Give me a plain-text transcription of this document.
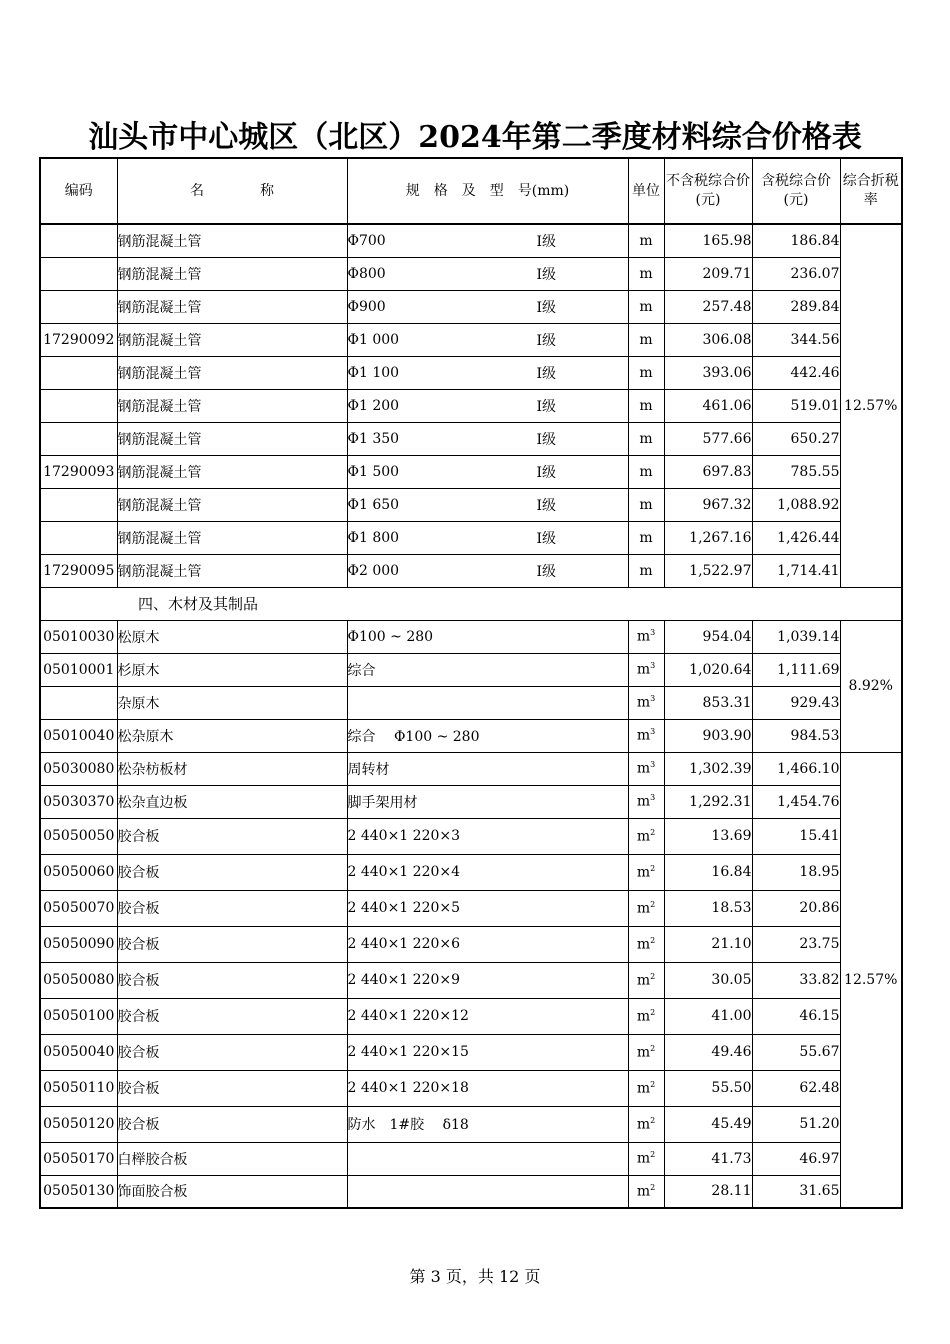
汕头市中心城区（北区）2024年第二季度材料综合价格表
编码	名　　　　称	规　格　及　型　号(mm)	单位	不含税综合价(元)	含税综合价(元)	综合折税率
	钢筋混凝土管	Φ700 Ⅰ级	m	165.98	186.84	12.57%
	钢筋混凝土管	Φ800 Ⅰ级	m	209.71	236.07	
	钢筋混凝土管	Φ900 Ⅰ级	m	257.48	289.84	
17290092	钢筋混凝土管	Φ1 000 Ⅰ级	m	306.08	344.56	
	钢筋混凝土管	Φ1 100 Ⅰ级	m	393.06	442.46	
	钢筋混凝土管	Φ1 200 Ⅰ级	m	461.06	519.01	
	钢筋混凝土管	Φ1 350 Ⅰ级	m	577.66	650.27	
17290093	钢筋混凝土管	Φ1 500 Ⅰ级	m	697.83	785.55	
	钢筋混凝土管	Φ1 650 Ⅰ级	m	967.32	1,088.92	
	钢筋混凝土管	Φ1 800 Ⅰ级	m	1,267.16	1,426.44	
17290095	钢筋混凝土管	Φ2 000 Ⅰ级	m	1,522.97	1,714.41	
四、木材及其制品						
05010030	松原木	Φ100 ~ 280	$m^3$	954.04	1,039.14	8.92%
05010001	杉原木	综合	$m^3$	1,020.64	1,111.69	
	杂原木		$m^3$	853.31	929.43	
05010040	松杂原木	综合　 Φ100 ~ 280	$m^3$	903.90	984.53	
05030080	松杂枋板材	周转材	$m^3$	1,302.39	1,466.10	12.57%
05030370	松杂直边板	脚手架用材	$m^3$	1,292.31	1,454.76	
05050050	胶合板	2 440×1 220×3	$m^2$	13.69	15.41	
05050060	胶合板	2 440×1 220×4	$m^2$	16.84	18.95	
05050070	胶合板	2 440×1 220×5	$m^2$	18.53	20.86	
05050090	胶合板	2 440×1 220×6	$m^2$	21.10	23.75	
05050080	胶合板	2 440×1 220×9	$m^2$	30.05	33.82	
05050100	胶合板	2 440×1 220×12	$m^2$	41.00	46.15	
05050040	胶合板	2 440×1 220×15	$m^2$	49.46	55.67	
05050110	胶合板	2 440×1 220×18	$m^2$	55.50	62.48	
05050120	胶合板	防水　1#胶　 δ18	$m^2$	45.49	51.20	
05050170	白榉胶合板		$m^2$	41.73	46.97	
05050130	饰面胶合板		$m^2$	28.11	31.65	
第 3 页，共 12 页
